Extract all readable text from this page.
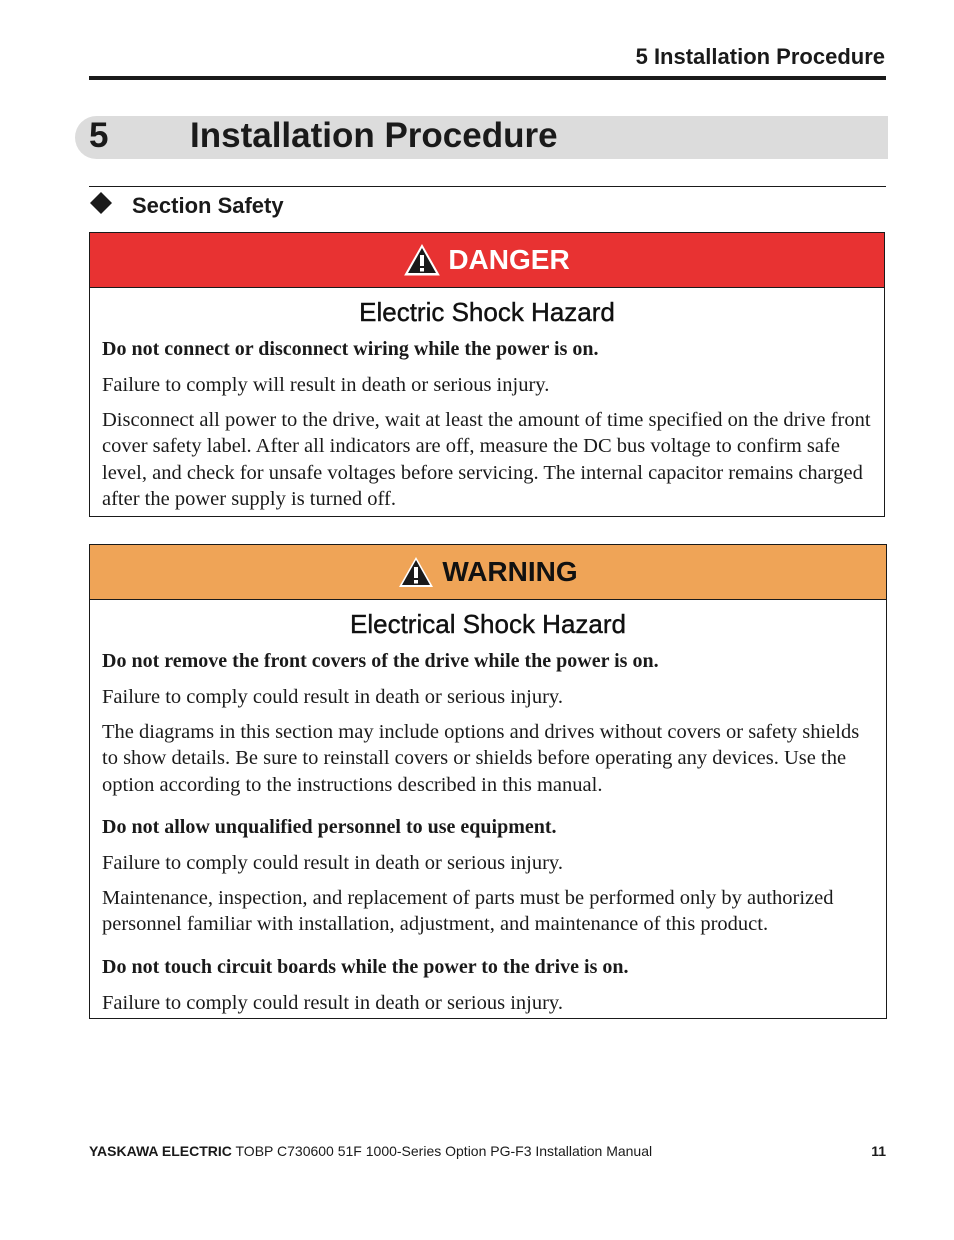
5 Installation Procedure
5 Installation Procedure
Section Safety
DANGER
Electric Shock Hazard

Do not connect or disconnect wiring while the power is on.

Failure to comply will result in death or serious injury.

Disconnect all power to the drive, wait at least the amount of time specified on the drive front cover safety label. After all indicators are off, measure the DC bus voltage to confirm safe level, and check for unsafe voltages before servicing. The internal capacitor remains charged after the power supply is turned off.

WARNING
Electrical Shock Hazard

Do not remove the front covers of the drive while the power is on.

Failure to comply could result in death or serious injury.

The diagrams in this section may include options and drives without covers or safety shields to show details. Be sure to reinstall covers or shields before operating any devices. Use the option according to the instructions described in this manual.

Do not allow unqualified personnel to use equipment.

Failure to comply could result in death or serious injury.

Maintenance, inspection, and replacement of parts must be performed only by authorized personnel familiar with installation, adjustment, and maintenance of this product.

Do not touch circuit boards while the power to the drive is on.

Failure to comply could result in death or serious injury.

YASKAWA ELECTRIC TOBP C730600 51F 1000-Series Option PG-F3 Installation Manual	11
